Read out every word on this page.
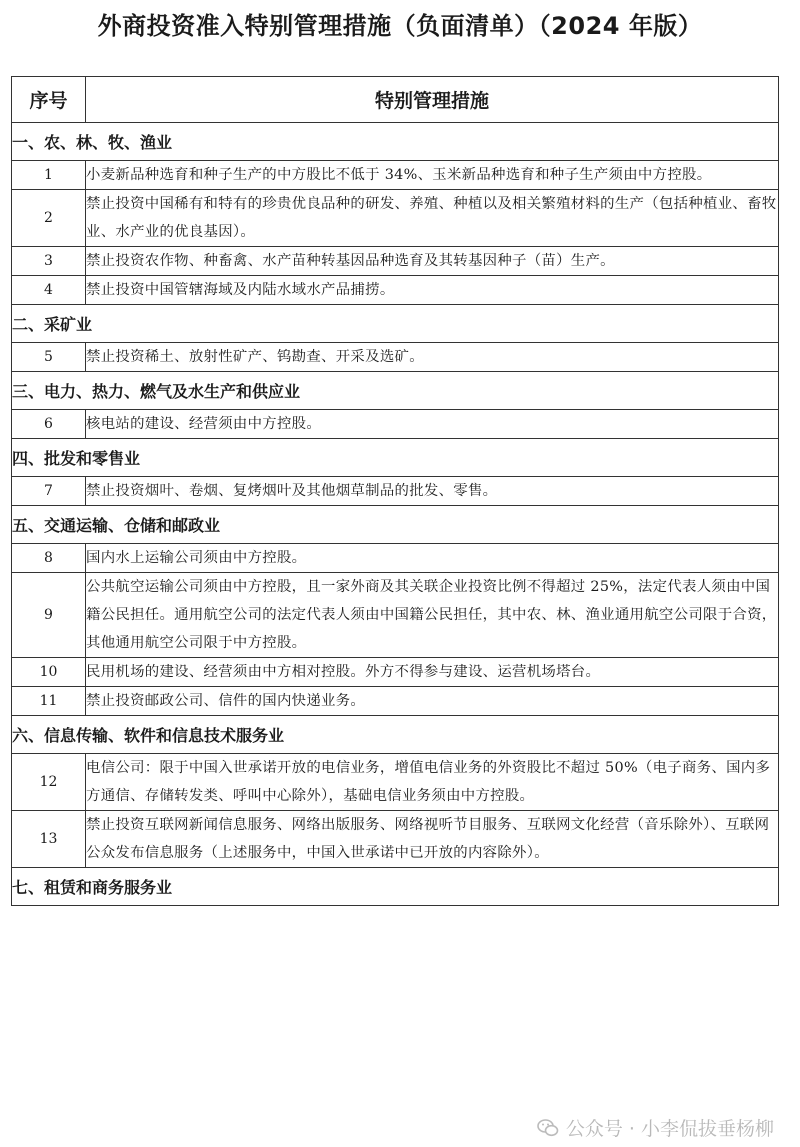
外商投资准入特别管理措施（负面清单）（2024 年版）
序号	特别管理措施
一、农、林、牧、渔业	
1	小麦新品种选育和种子生产的中方股比不低于 34%、玉米新品种选育和种子生产须由中方控股。
2	禁止投资中国稀有和特有的珍贵优良品种的研发、养殖、种植以及相关繁殖材料的生产（包括种植业、畜牧业、水产业的优良基因）。
3	禁止投资农作物、种畜禽、水产苗种转基因品种选育及其转基因种子（苗）生产。
4	禁止投资中国管辖海域及内陆水域水产品捕捞。
二、采矿业	
5	禁止投资稀土、放射性矿产、钨勘查、开采及选矿。
三、电力、热力、燃气及水生产和供应业	
6	核电站的建设、经营须由中方控股。
四、批发和零售业	
7	禁止投资烟叶、卷烟、复烤烟叶及其他烟草制品的批发、零售。
五、交通运输、仓储和邮政业	
8	国内水上运输公司须由中方控股。
9	公共航空运输公司须由中方控股，且一家外商及其关联企业投资比例不得超过 25%，法定代表人须由中国籍公民担任。通用航空公司的法定代表人须由中国籍公民担任，其中农、林、渔业通用航空公司限于合资，其他通用航空公司限于中方控股。
10	民用机场的建设、经营须由中方相对控股。外方不得参与建设、运营机场塔台。
11	禁止投资邮政公司、信件的国内快递业务。
六、信息传输、软件和信息技术服务业	
12	电信公司：限于中国入世承诺开放的电信业务，增值电信业务的外资股比不超过 50%（电子商务、国内多方通信、存储转发类、呼叫中心除外），基础电信业务须由中方控股。
13	禁止投资互联网新闻信息服务、网络出版服务、网络视听节目服务、互联网文化经营（音乐除外）、互联网公众发布信息服务（上述服务中，中国入世承诺中已开放的内容除外）。
七、租赁和商务服务业	
公众号 · 小李侃拔垂杨柳
